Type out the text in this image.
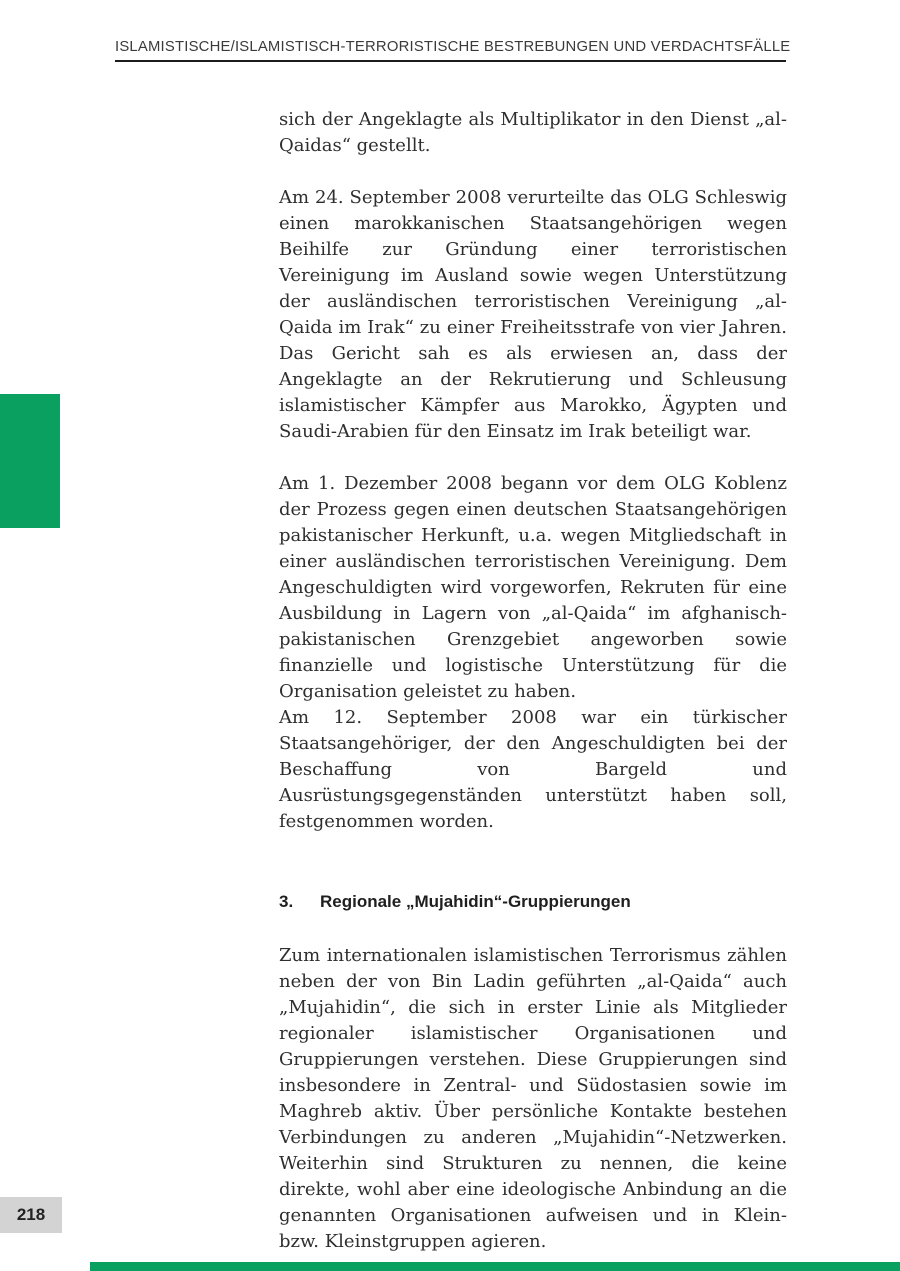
ISLAMISTISCHE/ISLAMISTISCH-TERRORISTISCHE BESTREBUNGEN UND VERDACHTSFÄLLE

sich der Angeklagte als Multiplikator in den Dienst „al-Qaidas“ gestellt.

Am 24. September 2008 verurteilte das OLG Schleswig einen marokkanischen Staatsangehörigen wegen Beihilfe zur Gründung einer terroristischen Vereinigung im Ausland sowie wegen Unterstützung der ausländischen terroristischen Vereinigung „al-Qaida im Irak“ zu einer Freiheitsstrafe von vier Jahren. Das Gericht sah es als erwiesen an, dass der Angeklagte an der Rekrutierung und Schleusung islamistischer Kämpfer aus Marokko, Ägypten und Saudi-Arabien für den Einsatz im Irak beteiligt war.

Am 1. Dezember 2008 begann vor dem OLG Koblenz der Prozess gegen einen deutschen Staatsangehörigen pakistanischer Herkunft, u.a. wegen Mitgliedschaft in einer ausländischen terroristischen Vereinigung. Dem Angeschuldigten wird vorgeworfen, Rekruten für eine Ausbildung in Lagern von „al-Qaida“ im afghanisch-pakistanischen Grenzgebiet angeworben sowie finanzielle und logistische Unterstützung für die Organisation geleistet zu haben.

Am 12. September 2008 war ein türkischer Staatsangehöriger, der den Angeschuldigten bei der Beschaffung von Bargeld und Ausrüstungsgegenständen unterstützt haben soll, festgenommen worden.

3.	Regionale „Mujahidin“-Gruppierungen

Zum internationalen islamistischen Terrorismus zählen neben der von Bin Ladin geführten „al-Qaida“ auch „Mujahidin“, die sich in erster Linie als Mitglieder regionaler islamistischer Organisationen und Gruppierungen verstehen. Diese Gruppierungen sind insbesondere in Zentral- und Südostasien sowie im Maghreb aktiv. Über persönliche Kontakte bestehen Verbindungen zu anderen „Mujahidin“-Netzwerken. Weiterhin sind Strukturen zu nennen, die keine direkte, wohl aber eine ideologische Anbindung an die genannten Organisationen aufweisen und in Klein- bzw. Kleinstgruppen agieren.

218
